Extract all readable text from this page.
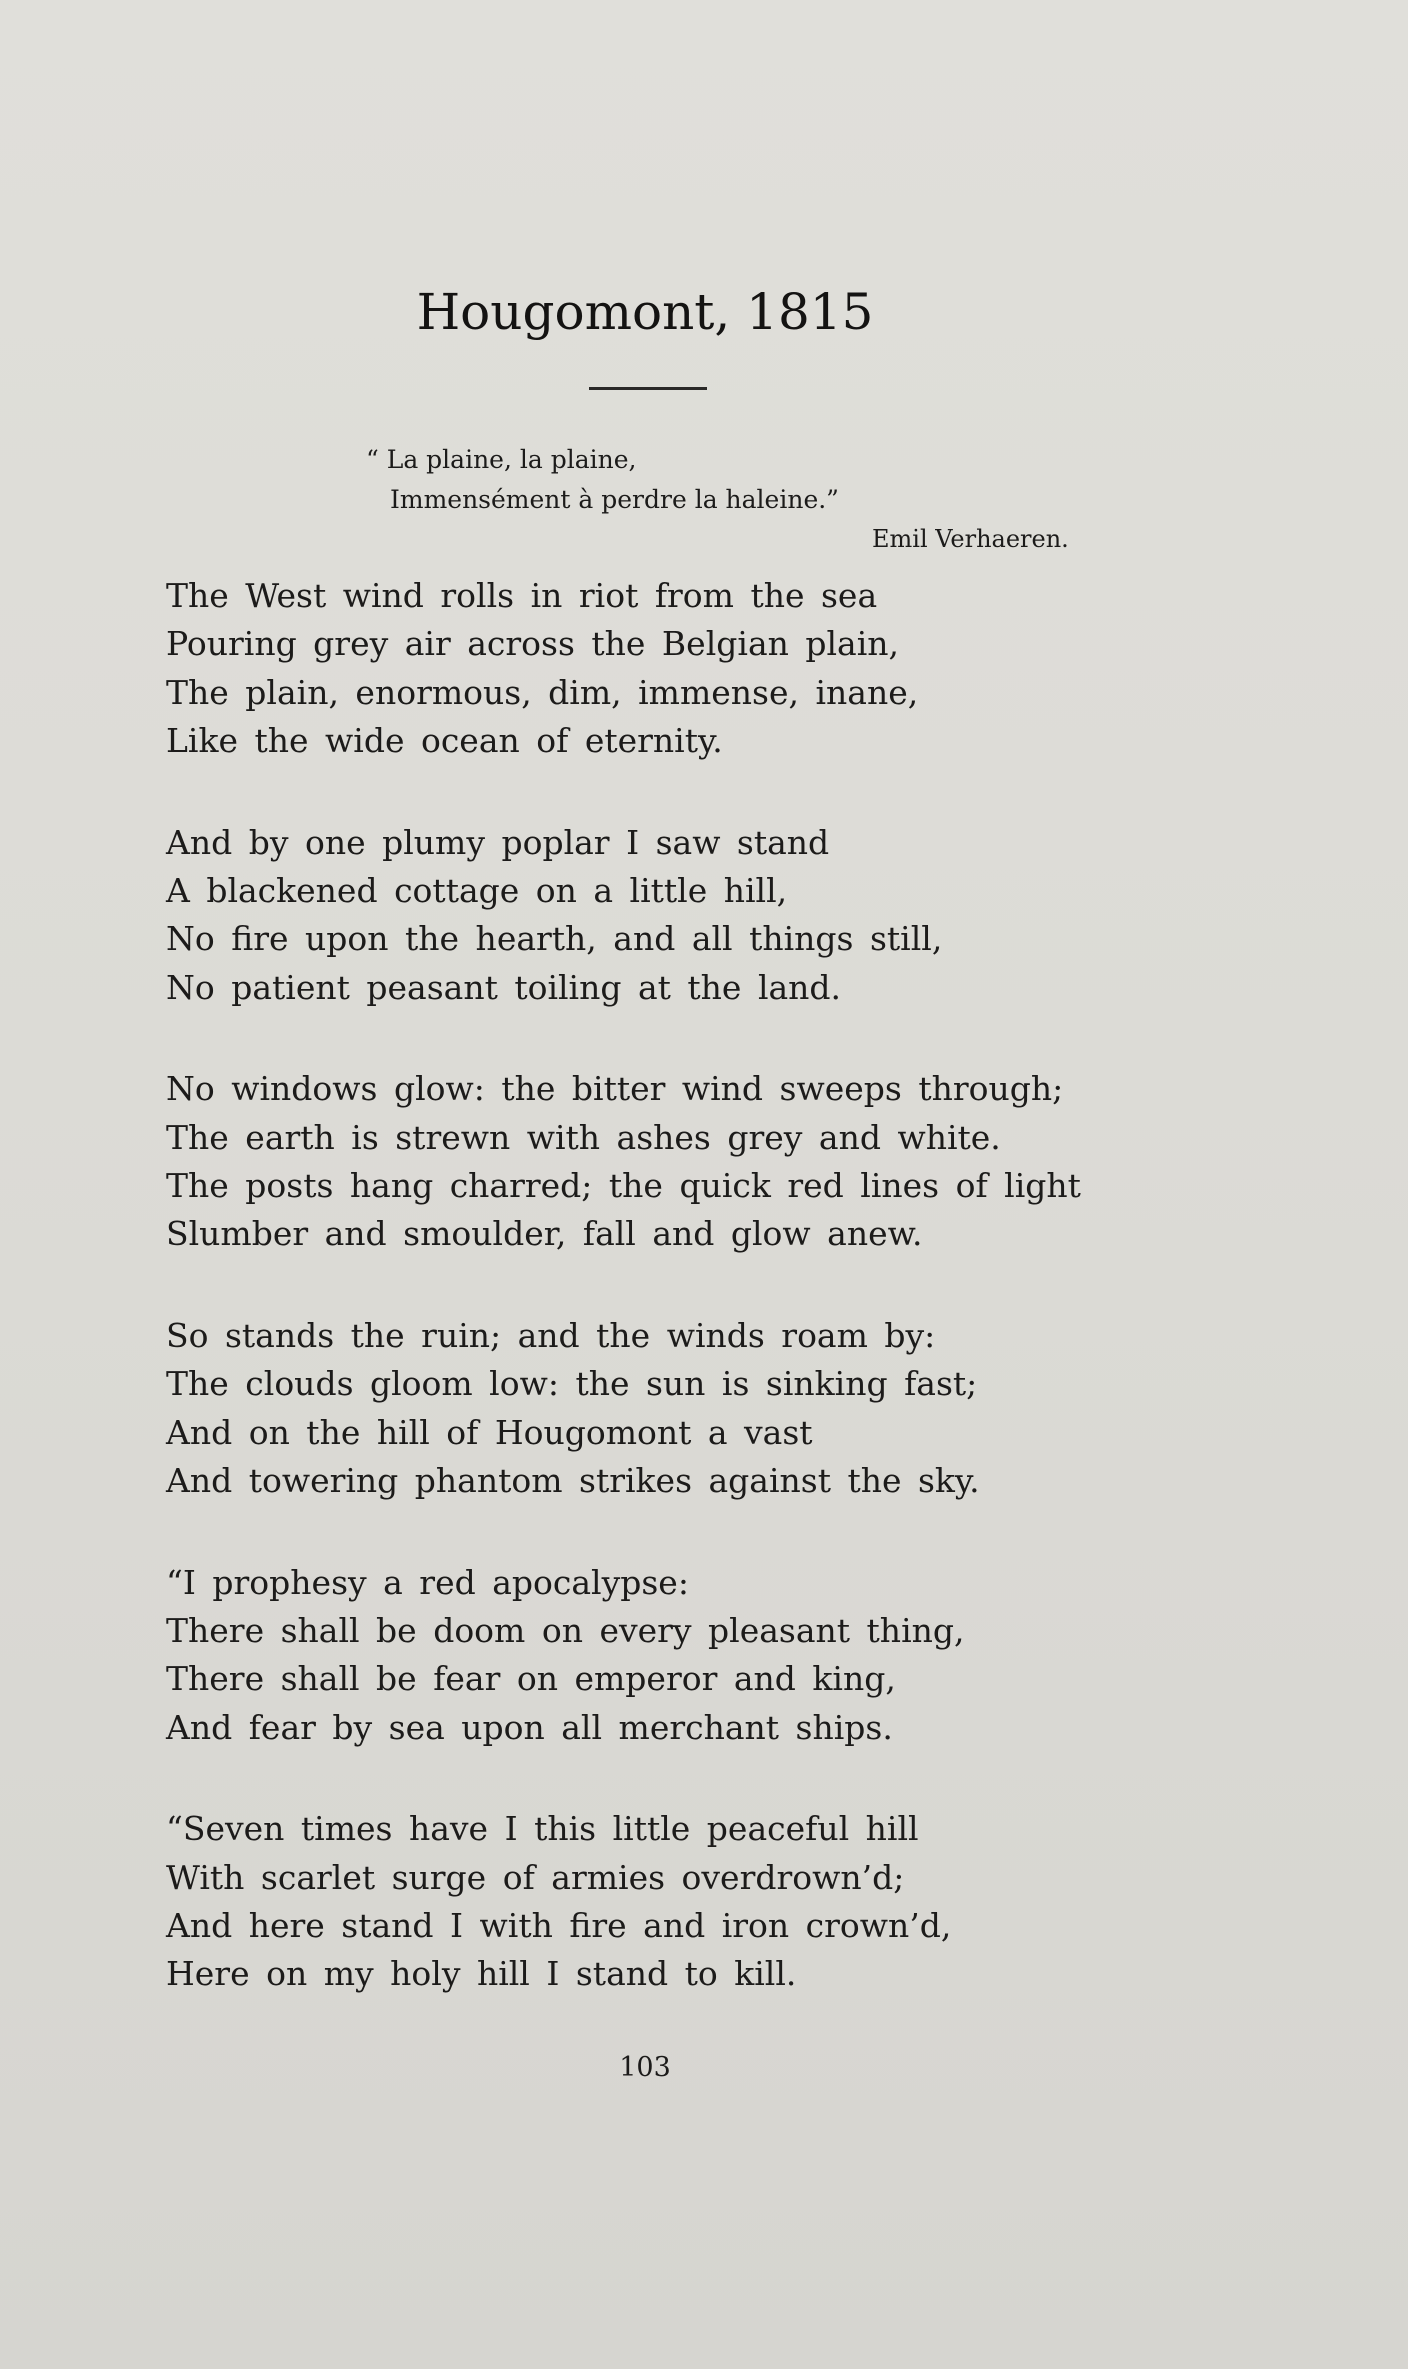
Hougomont, 1815
“ La plaine, la plaine,
Immensément à perdre la haleine.”
Emil Verhaeren.
The West wind rolls in riot from the sea
Pouring grey air across the Belgian plain,
The plain, enormous, dim, immense, inane,
Like the wide ocean of eternity.
And by one plumy poplar I saw stand
A blackened cottage on a little hill,
No fire upon the hearth, and all things still,
No patient peasant toiling at the land.
No windows glow: the bitter wind sweeps through;
The earth is strewn with ashes grey and white.
The posts hang charred; the quick red lines of light
Slumber and smoulder, fall and glow anew.
So stands the ruin; and the winds roam by:
The clouds gloom low: the sun is sinking fast;
And on the hill of Hougomont a vast
And towering phantom strikes against the sky.
“I prophesy a red apocalypse:
There shall be doom on every pleasant thing,
There shall be fear on emperor and king,
And fear by sea upon all merchant ships.
“Seven times have I this little peaceful hill
With scarlet surge of armies overdrown’d;
And here stand I with fire and iron crown’d,
Here on my holy hill I stand to kill.
103
